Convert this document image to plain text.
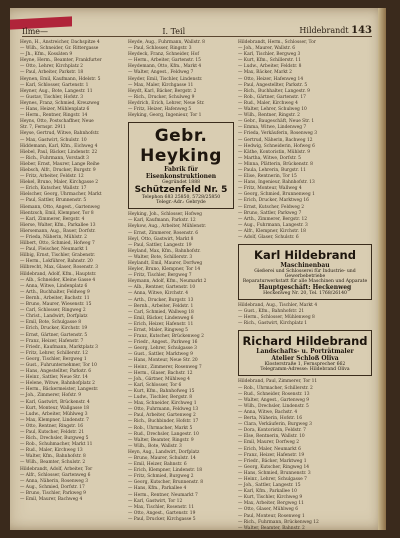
Ilme—	I. Teil	Hildebrandt 143
Heyn, H., Anstreicher, Dachspitze 4
— Wilh., Schneider, Gr. Rittergasse
— Jh., Kfm., Kossäten 9
Heyne, Herm., Beamter, Frankfurter
— Otto, Lehrer, Kirchplatz 2
— Paul, Arbeiter, Parkstr. 18
Heynen, Emil, Kaufmann, Hdelstr. 5
— Karl, Schlosser, Gartenstr. 1
Heyner, Aug., Bote, Langestr. 11
— Gustav, Tischler, Hofstr. 3
Heynes, Franz, Schmied, Kreuzweg
— Hans, Heizer, Mühlenplatz 6
— Herm., Rentner, Ringstr. 14
Heyns, Otto, Postschaffner, Neue
Str. 7, Fernspr. 2911
Heyse, Gertrud, Witwe, Bahnhofstr.
— Max, Gastwirt, Schulstr. 10
Hiddemann, Karl, Kfm., Eichweg 4
Hiebel, Paul, Bäcker, Lindenstr. 22
— Rich., Fuhrmann, Vorstadt 3
Hieber, Ernst, Maurer, Lange Reihe
Hiebsch, Alfr., Drucker, Burgstr. 9
— Fritz, Arbeiter, Feldstr. 12
Hiekel, Bruno, Maler, Kirchgasse 2
— Erich, Kutscher, Wallstr. 17
Hielscher, Georg, Uhrmacher, Markt
— Paul, Sattler, Brunnenstr. 5
Hiemann, Otto, Angest., Gartenweg
Hientzsch, Emil, Klempner, Tor 8
— Karl, Zimmerer, Bergstr. 4
Hierse, Walter, Kfm., Parkallee 13
Hiersemann, Aug., Bauer, Dorfstr.
— Frieda, Näherin, Mühlstr. 2
Hilbert, Otto, Schmied, Hofweg 7
— Paul, Fleischer, Neumarkt 1
Hilbig, Ernst, Tischler, Grabenstr.
— Herm., Lokführer, Bahnstr. 20
Hilbrecht, Max, Glaser, Rosenstr. 3
Hildebrand, Adolf, Kfm., Hauptstr.
— Alb., Schneider, Kleine Gasse 4
— Anna, Witwe, Lindenplatz 6
— Arth., Buchhalter, Feldweg 9
— Bernh., Arbeiter, Bachstr. 11
— Bruno, Maurer, Wiesenstr. 15
— Carl, Schlosser, Ringweg 2
— Christ., Landwirt, Dorfplatz
— Emil, Bote, Schulgasse 8
— Erich, Drucker, Kirchstr. 19
— Ernst, Gärtner, Gartenstr. 5
— Franz, Heizer, Hafenstr. 7
— Friedr., Kaufmann, Marktplatz 3
— Fritz, Lehrer, Schillerstr. 12
— Georg, Tischler, Bergweg 1
— Gust., Fuhrunternehmer, Tor 10
— Hans, Angestellter, Parkstr. 6
— Heinr., Sattler, Neue Str. 14
— Helene, Witwe, Bahnhofplatz 2
— Herm., Bäckermeister, Langestr.
— Joh., Zimmerer, Hofstr. 9
— Karl, Gastwirt, Brückenstr. 4
— Kurt, Monteur, Wallgasse 18
— Ludw., Arbeiter, Mühlweg 3
— Max, Klempner, Lindenstr. 7
— Otto, Rentner, Ringstr. 16
— Paul, Kutscher, Feldstr. 21
— Rich., Drechsler, Burgweg 5
— Rob., Schuhmacher, Markt 11
— Rud., Maler, Kirchweg 13
— Walter, Kfm., Bahnhofstr. 8
— Wilh., Beamter, Schulstr. 2
Hildebrandt, Adolf, Arbeiter, Tor
— Alfr., Schlosser, Gartenweg 6
— Anna, Näherin, Rosenweg 3
— Aug., Schmied, Dorfstr. 17
— Bruno, Tischler, Parkweg 9
— Emil, Maurer, Bachweg 4
Heyde, Aug., Fuhrmann, Wallstr. 8
— Paul, Schlosser, Ringstr. 3
Heydeck, Franz, Schneider, Hof
— Herm., Arbeiter, Gartenstr. 15
Heydemann, Otto, Kfm., Markt 4
— Walter, Angest., Feldweg 7
Heyder, Emil, Tischler, Lindenstr.
— Max, Maler, Kirchgasse 11
Heydt, Karl, Bäcker, Bergstr. 2
— Rich., Drucker, Schulweg 9
Heydrich, Erich, Lehrer, Neue Str.
— Fritz, Heizer, Hafenweg 5
Heyking, Georg, Ingenieur, Tor 1
Gebr. Heyking
Fabrik für Eisenkonstruktionen
Gegründet 1888
Schützenfeld Nr. 5
Telephon 683 25850, 5728/25850
Telegr.-Adr.: Gebryde
Heyking, Joh., Schlosser, Hofweg
— Karl, Kaufmann, Parkstr. 12
Heykow, Aug., Arbeiter, Mühlenstr.
— Ernst, Zimmerer, Rosenstr. 6
Heyl, Otto, Gastwirt, Markt 8
— Paul, Sattler, Langestr. 19
Heyland, Max, Kfm., Bahnhofstr.
— Walter, Bote, Schillerstr. 3
Heylandt, Emil, Maurer, Dorfweg
Heyler, Bruno, Klempner, Tor 14
— Fritz, Tischler, Bergweg 7
Heymann, Adolf, Kfm., Neumarkt 2
— Alb., Rentner, Gartenstr. 10
— Anna, Witwe, Kirchstr. 4
— Arth., Drucker, Burgstr. 13
— Bernh., Arbeiter, Feldstr. 1
— Carl, Schmied, Wallweg 18
— Emil, Bäcker, Lindenweg 6
— Erich, Heizer, Hafenstr. 11
— Ernst, Maler, Ringweg 5
— Franz, Kutscher, Brückenweg 2
— Friedr., Angest., Parkweg 16
— Georg, Lehrer, Schulgasse 3
— Gust., Sattler, Marktweg 9
— Hans, Monteur, Neue Str. 20
— Heinr., Zimmerer, Rosenweg 7
— Herm., Glaser, Bachstr. 12
— Joh., Gärtner, Mühlweg 4
— Karl, Schlosser, Tor 6
— Kurt, Kfm., Bahnhofweg 15
— Ludw., Tischler, Bergstr. 8
— Max, Schneider, Kirchweg 1
— Otto, Fuhrmann, Feldweg 13
— Paul, Arbeiter, Gartenweg 2
— Rich., Buchbinder, Hofstr. 17
— Rob., Uhrmacher, Markt 5
— Rud., Drechsler, Langestr. 10
— Walter, Beamter, Ringstr. 9
— Wilh., Bote, Wallstr. 3
Heyn, Aug., Landwirt, Dorfplatz
— Bruno, Maurer, Schulstr. 14
— Emil, Heizer, Bahnstr. 6
— Erich, Klempner, Lindenstr. 18
— Fritz, Schmied, Burgweg 2
— Georg, Kutscher, Brunnenstr. 8
— Hans, Kfm., Parkallee 4
— Herm., Rentner, Neumarkt 7
— Karl, Gastwirt, Tor 12
— Max, Tischler, Rosenstr. 11
— Otto, Angest., Gartenstr. 19
— Paul, Drucker, Kirchgasse 5
Hildebrandt, Herm., Schlosser, Tor
— Joh., Maurer, Wallstr. 6
— Karl, Tischler, Bergweg 3
— Kurt, Kfm., Schillerstr. 11
— Ludw., Arbeiter, Feldstr. 8
— Max, Bäcker, Markt 2
— Otto, Heizer, Hafenweg 14
— Paul, Angestellter, Parkstr. 5
— Rich., Buchhalter, Langestr. 9
— Rob., Gärtner, Gartenstr. 17
— Rud., Maler, Kirchweg 4
— Walter, Lehrer, Schulweg 10
— Wilh., Rentner, Ringstr. 2
— Gebr., Baugeschäft, Neue Str. 1
— Emma, Witwe, Lindenweg 7
— Frieda, Verkäuferin, Rosenweg 3
— Gertrud, Näherin, Bachweg 12
— Hedwig, Schneiderin, Hofweg 6
— Käthe, Kontoristin, Mühlstr. 9
— Martha, Witwe, Dorfstr. 5
— Minna, Plätterin, Brückenstr. 8
— Paula, Lehrerin, Burgstr. 11
— Elise, Rentnerin, Tor 15
— Hans, Ingenieur, Bahnhofstr. 13
— Fritz, Monteur, Wallweg 4
— Georg, Schmied, Brunnenweg 1
— Erich, Drucker, Marktweg 16
— Ernst, Kutscher, Feldweg 2
— Bruno, Sattler, Parkweg 7
— Arth., Zimmerer, Bergstr. 12
— Aug., Fuhrmann, Langestr. 3
— Alfr., Klempner, Kirchstr. 18
— Adolf, Glaser, Schulstr. 6
Karl Hildebrand
Maschinenbau
Gießerei und Schlosserei für Industrie- und Gewerbebetriebe
Reparaturwerkstatt für alle Maschinen und Apparate
Hauptgeschäft: Heckenweg
Heckenweg Nr. 20, Tel. 1768/26140
Hildebrand, Aug., Tischler, Markt 4
— Gust., Kfm., Bahnhofstr. 21
— Herm., Schlosser, Mühlenweg 8
— Rich., Gastwirt, Kirchplatz 1
Richard Hildebrand
Landschafts- u. Porträtmaler
Atelier Schloß Oliva
Klosterstraße 1, Fernsprecher 662
Telegramm-Adresse: Hildebrand Oliva
Hildebrand, Paul, Zimmerer, Tor 11
— Rob., Uhrmacher, Schillerstr. 2
— Rud., Schneider, Rosenstr. 13
— Walter, Angest., Gartenweg 9
— Wilh., Drechsler, Lindenstr. 5
— Anna, Witwe, Bachstr. 4
— Berta, Näherin, Hofstr. 16
— Clara, Verkäuferin, Burgweg 3
— Dora, Kontoristin, Feldstr. 7
— Else, Rentnerin, Wallstr. 10
— Emil, Maurer, Dorfweg 2
— Erich, Maler, Neumarkt 6
— Franz, Heizer, Hafenstr. 19
— Friedr., Bäcker, Marktweg 1
— Georg, Kutscher, Ringweg 14
— Hans, Schmied, Brunnenstr. 3
— Heinr., Lehrer, Schulgasse 7
— Joh., Sattler, Langestr. 15
— Karl, Kfm., Parkallee 10
— Kurt, Tischler, Kirchweg 9
— Max, Arbeiter, Bergweg 11
— Otto, Glaser, Mühlweg 6
— Paul, Monteur, Rosenweg 1
— Rich., Fuhrmann, Brückenweg 12
— Walter, Beamter, Bahnstr. 2
